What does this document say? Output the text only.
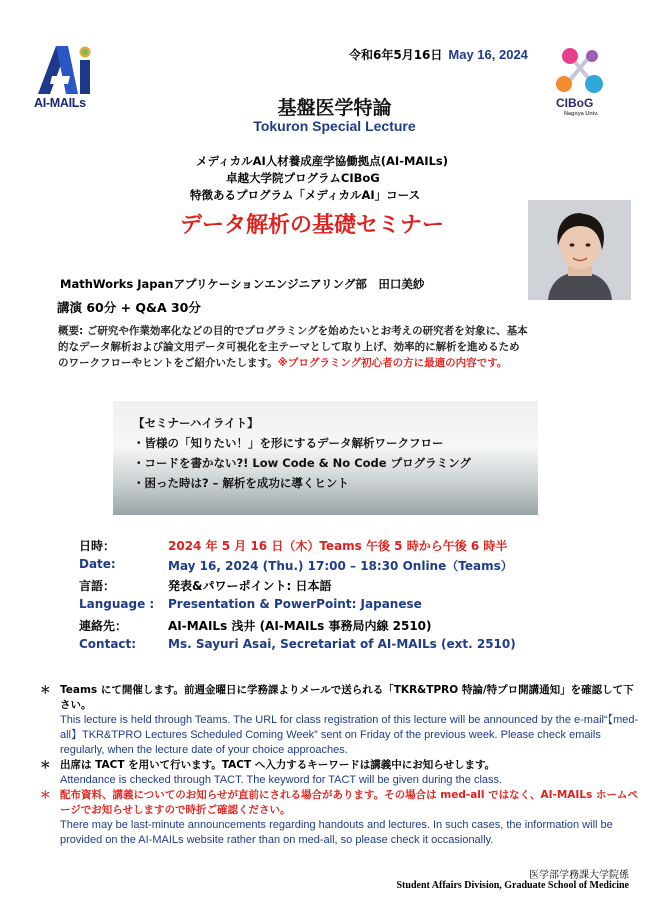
AI-MAILs
令和6年5月16日 May 16, 2024
CIBoG
Nagoya Univ.
基盤医学特論
Tokuron Special Lecture
メディカルAI人材養成産学協働拠点(AI-MAILs)
卓越大学院プログラムCIBoG
特徴あるプログラム「メディカルAI」コース
データ解析の基礎セミナー
MathWorks Japanアプリケーションエンジニアリング部　田口美紗
講演 60分 + Q&A 30分
概要: ご研究や作業効率化などの目的でプログラミングを始めたいとお考えの研究者を対象に、基本的なデータ解析および論文用データ可視化を主テーマとして取り上げ、効率的に解析を進めるためのワークフローやヒントをご紹介いたします。※プログラミング初心者の方に最適の内容です。
【セミナーハイライト】
・皆様の「知りたい！」を形にするデータ解析ワークフロー
・コードを書かない?! Low Code & No Code プログラミング
・困った時は? – 解析を成功に導くヒント
日時：	2024 年 5 月 16 日（木）Teams 午後 5 時から午後 6 時半
Date:	May 16, 2024 (Thu.) 17:00 – 18:30 Online（Teams）
言語：	発表&パワーポイント: 日本語
Language : Presentation & PowerPoint: Japanese
連絡先：	AI-MAILs 浅井 (AI-MAILs 事務局内線 2510)
Contact:	Ms. Sayuri Asai, Secretariat of AI-MAILs (ext. 2510)
＊ Teams にて開催します。前週金曜日に学務課よりメールで送られる「TKR&TPRO 特論/特プロ開講通知」を確認して下さい。
This lecture is held through Teams. The URL for class registration of this lecture will be announced by the e-mail“【med-all】TKR&TPRO Lectures Scheduled Coming Week” sent on Friday of the previous week. Please check emails regularly, when the lecture date of your choice approaches.
＊ 出席は TACT を用いて行います。TACT へ入力するキーワードは講義中にお知らせします。
Attendance is checked through TACT. The keyword for TACT will be given during the class.
＊ 配布資料、講義についてのお知らせが直前にされる場合があります。その場合は med-all ではなく、AI-MAILs ホームページでお知らせしますので時折ご確認ください。
There may be last-minute announcements regarding handouts and lectures. In such cases, the information will be provided on the AI-MAILs website rather than on med-all, so please check it occasionally.
医学部学務課大学院係
Student Affairs Division, Graduate School of Medicine
